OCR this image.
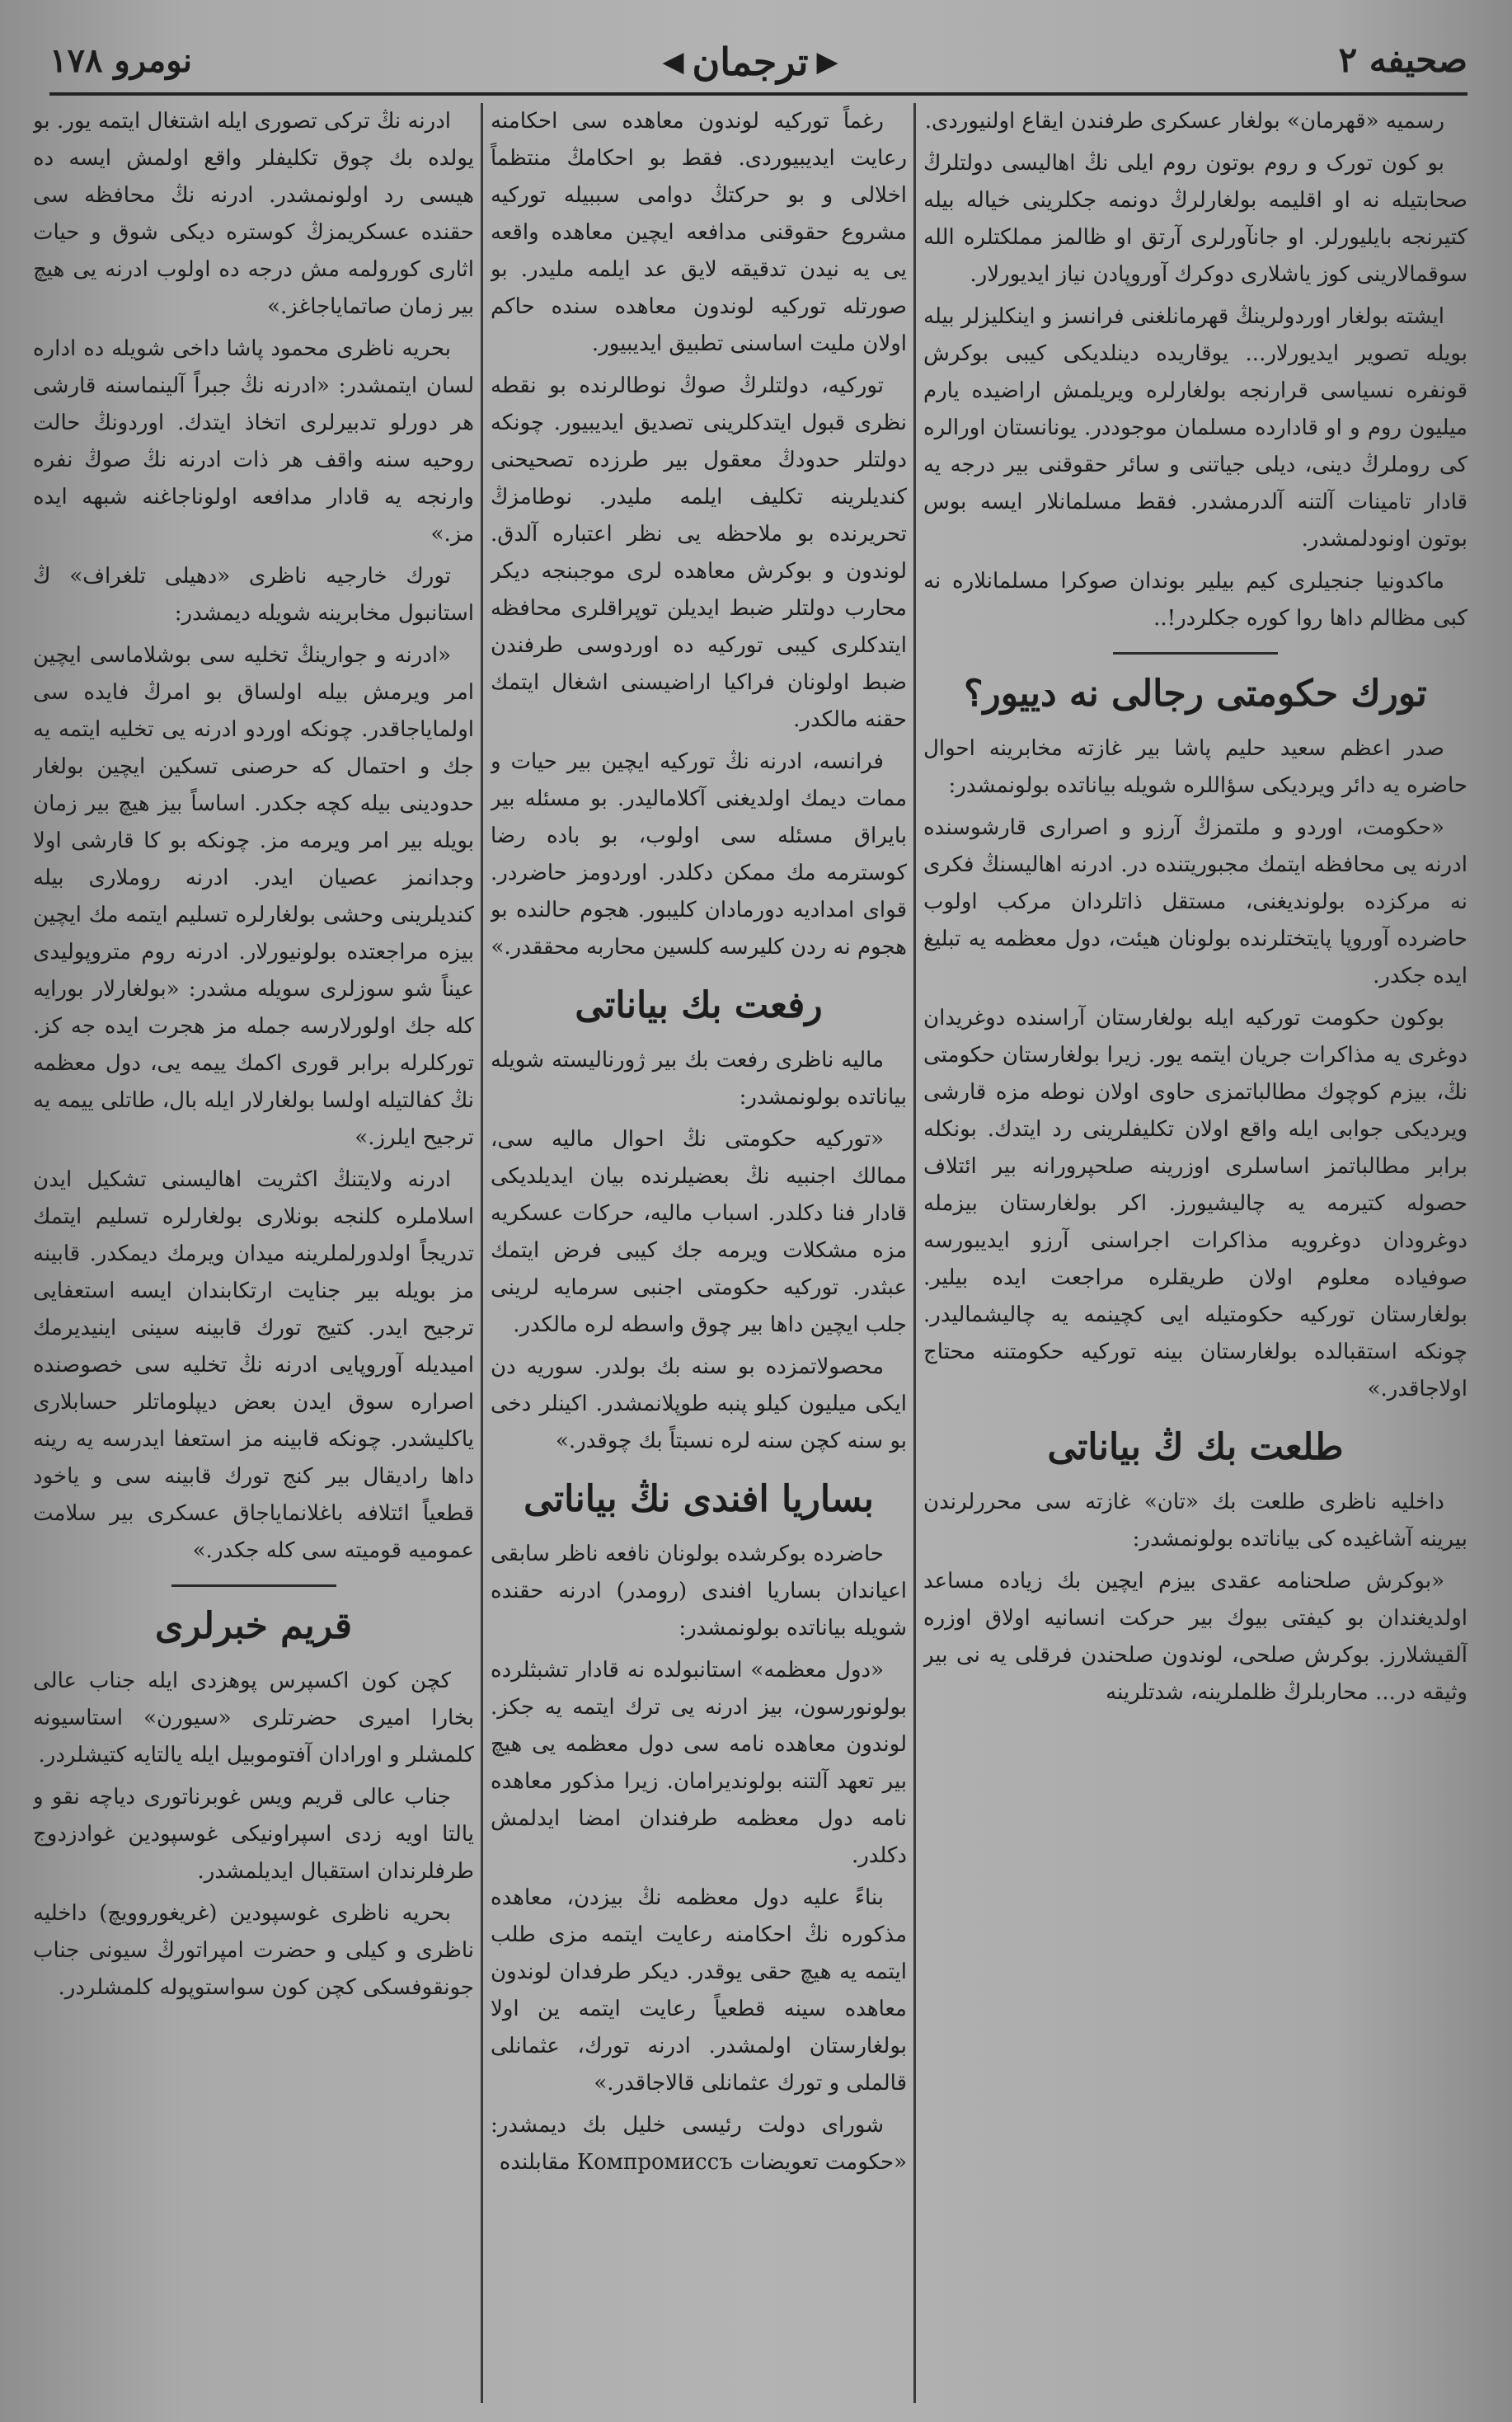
صحیفه ۲
◀ ترجمان ▶
نومرو ۱۷۸

رسمیه «قهرمان» بولغار عسکری طرفندن ایقاع اولنیوردی.

بو کون تورک و روم بوتون روم ایلی نڭ اهالیسی دولتلرڭ صحابتیله نه او اقلیمه بولغارلرڭ دونمه جکلرینی خیاله بیله کتیرنجه بایلیورلر. او جانآورلری آرتق او ظالمز مملکتلره الله سوقمالارینی کوز یاشلاری دوکرك آوروپادن نیاز ایدیورلار.

ایشته بولغار اوردولرینڭ قهرمانلغنی فرانسز و اینکلیزلر بیله بویله تصویر ایدیورلار... یوقاریده دینلدیکی کیبی بوکرش قونفره نسیاسی قرارنجه بولغارلره ویریلمش اراضیده یارم میلیون روم و او قادارده مسلمان موجوددر. یونانستان اورالره کی روملرڭ دینی، دیلی جیاتنی و سائر حقوقنی بیر درجه یه قادار تامینات آلتنه آلدرمشدر. فقط مسلمانلار ایسه بوس بوتون اونودلمشدر.

ماکدونیا جنجیلری کیم بیلیر بوندان صوکرا مسلمانلاره نه کبی مظالم داها روا کوره جکلردر!..

تورك حكومتی رجالی نه دییور؟

صدر اعظم سعید حلیم پاشا بیر غازته مخابرینه احوال حاضره یه دائر ویردیکی سؤاللره شویله بیاناتده بولونمشدر:

«حکومت، اوردو و ملتمزڭ آرزو و اصراری قارشوسنده ادرنه یی محافظه ایتمك مجبوریتنده در. ادرنه اهالیسنڭ فکری نه مرکزده بولوندیغنی، مستقل ذاتلردان مرکب اولوب حاضرده آوروپا پایتختلرنده بولونان هیئت، دول معظمه یه تبلیغ ایده جکدر.

بوکون حکومت تورکیه ایله بولغارستان آراسنده دوغریدان دوغری یه مذاکرات جریان ایتمه یور. زیرا بولغارستان حکومتی نڭ، بیزم کوچوك مطالباتمزی حاوی اولان نوطه مزه قارشی ویردیکی جوابی ایله واقع اولان تکلیفلرینی رد ایتدك. بونکله برابر مطالباتمز اساسلری اوزرینه صلحپرورانه بیر ائتلاف حصوله کتیرمه یه چالیشیورز. اکر بولغارستان بیزمله دوغرودان دوغرویه مذاکرات اجراسنی آرزو ایدیبورسه صوفیاده معلوم اولان طریقلره مراجعت ایده بیلیر. بولغارستان تورکیه حکومتیله ایی کچینمه یه چالیشمالیدر. چونکه استقبالده بولغارستان بینه تورکیه حکومتنه محتاج اولاجاقدر.»

طلعت بك ڭ بیاناتی

داخلیه ناظری طلعت بك «تان» غازته سی محررلرندن بیرینه آشاغیده کی بیاناتده بولونمشدر:

«بوکرش صلحنامه عقدی بیزم ایچین بك زیاده مساعد اولدیغندان بو کیفتی بیوك بیر حرکت انسانیه اولاق اوزره آلقیشلارز. بوکرش صلحی، لوندون صلحندن فرقلی یه نی بیر وثیقه در... محاربلرڭ ظلملرینه، شدتلرینه

رغماً تورکیه لوندون معاهده سی احکامنه رعایت ایدیبیوردی. فقط بو احکامڭ منتظماً اخلالی و بو حرکتڭ دوامی سببیله تورکیه مشروع حقوقنی مدافعه ایچین معاهده واقعه یی یه نیدن تدقیقه لایق عد ایلمه ملیدر. بو صورتله تورکیه لوندون معاهده سنده حاکم اولان ملیت اساسنی تطبیق ایدیبیور.

تورکیه، دولتلرڭ صوڭ نوطالرنده بو نقطه نظری قبول ایتدکلرینی تصدیق ایدیبیور. چونکه دولتلر حدودڭ معقول بیر طرزده تصحیحنی کندیلرینه تکلیف ایلمه ملیدر. نوطامزڭ تحریرنده بو ملاحظه یی نظر اعتباره آلدق. لوندون و بوکرش معاهده لری موجبنجه دیکر محارب دولتلر ضبط ایدیلن توپراقلری محافظه ایتدکلری کیبی تورکیه ده اوردوسی طرفندن ضبط اولونان فراکیا اراضیسنی اشغال ایتمك حقنه مالکدر.

فرانسه، ادرنه نڭ تورکیه ایچین بیر حیات و ممات دیمك اولدیغنی آکلامالیدر. بو مسئله بیر بایراق مسئله سی اولوب، بو باده رضا کوسترمه مك ممکن دکلدر. اوردومز حاضردر. قوای امدادیه دورمادان کلیبور. هجوم حالنده بو هجوم نه ردن کلیرسه کلسین محاربه محققدر.»

رفعت بك بیاناتی

مالیه ناظری رفعت بك بیر ژورنالیسته شویله بیاناتده بولونمشدر:

«تورکیه حکومتی نڭ احوال مالیه سی، ممالك اجنبیه نڭ بعضیلرنده بیان ایدیلدیکی قادار فنا دکلدر. اسباب مالیه، حرکات عسکریه مزه مشکلات ویرمه جك کیبی فرض ایتمك عبثدر. تورکیه حکومتی اجنبی سرمایه لرینی جلب ایچین داها بیر چوق واسطه لره مالکدر.

محصولاتمزده بو سنه بك بولدر. سوریه دن ایکی میلیون کیلو پنبه طوپلانمشدر. اکینلر دخی بو سنه کچن سنه لره نسبتاً بك چوقدر.»

بساریا افندی نڭ بیاناتی

حاضرده بوکرشده بولونان نافعه ناظر سابقی اعیاندان بساریا افندی (رومدر) ادرنه حقنده شویله بیاناتده بولونمشدر:

«دول معظمه» استانبولده نه قادار تشبثلرده بولونورسون، بیز ادرنه یی ترك ایتمه یه جکز. لوندون معاهده نامه سی دول معظمه یی هیچ بیر تعهد آلتنه بولوندیرامان. زیرا مذکور معاهده نامه دول معظمه طرفندان امضا ایدلمش دکلدر.

بناءً علیه دول معظمه نڭ بیزدن، معاهده مذکوره نڭ احکامنه رعایت ایتمه مزی طلب ایتمه یه هیچ حقی یوقدر. دیکر طرفدان لوندون معاهده سینه قطعیاً رعایت ایتمه ین اولا بولغارستان اولمشدر. ادرنه تورك، عثمانلی قالملی و تورك عثمانلی قالاجاقدر.»

شورای دولت رئیسی خلیل بك دیمشدر: «حکومت تعویضات Компромиссъ مقابلنده

ادرنه نڭ ترکی تصوری ایله اشتغال ایتمه یور. بو یولده بك چوق تکلیفلر واقع اولمش ایسه ده هیسی رد اولونمشدر. ادرنه نڭ محافظه سی حقنده عسکریمزڭ کوستره دیکی شوق و حیات اثاری کورولمه مش درجه ده اولوب ادرنه یی هیچ بیر زمان صاتمایاجاغز.»

بحریه ناظری محمود پاشا داخی شویله ده اداره لسان ایتمشدر: «ادرنه نڭ جبراً آلینماسنه قارشی هر دورلو تدبیرلری اتخاذ ایتدك. اوردونڭ حالت روحیه سنه واقف هر ذات ادرنه نڭ صوڭ نفره وارنجه یه قادار مدافعه اولوناجاغنه شبهه ایده مز.»

تورك خارجیه ناظری «دهیلی تلغراف» ڭ استانبول مخابرینه شویله دیمشدر:

«ادرنه و جوارینڭ تخلیه سی بوشلاماسی ایچین امر ویرمش بیله اولساق بو امرڭ فایده سی اولمایاجاقدر. چونکه اوردو ادرنه یی تخلیه ایتمه یه جك و احتمال که حرصنی تسکین ایچین بولغار حدودینی بیله کچه جکدر. اساساً بیز هیچ بیر زمان بویله بیر امر ویرمه مز. چونکه بو کا قارشی اولا وجدانمز عصیان ایدر. ادرنه روملاری بیله کندیلرینی وحشی بولغارلره تسلیم ایتمه مك ایچین بیزه مراجعتده بولونیورلار. ادرنه روم متروپولیدی عیناً شو سوزلری سویله مشدر: «بولغارلار بورایه کله جك اولورلارسه جمله مز هجرت ایده جه کز. تورکلرله برابر قوری اکمك ییمه یی، دول معظمه نڭ کفالتیله اولسا بولغارلار ایله بال، طاتلی ییمه یه ترجیح ایلرز.»

ادرنه ولایتنڭ اکثریت اهالیسنی تشکیل ایدن اسلاملره کلنجه بونلاری بولغارلره تسلیم ایتمك تدریجاً اولدورلملرینه میدان ویرمك دیمکدر. قابینه مز بویله بیر جنایت ارتکابندان ایسه استعفایی ترجیح ایدر. کتیج تورك قابینه سینی اینیدیرمك امیدیله آوروپایی ادرنه نڭ تخلیه سی خصوصنده اصراره سوق ایدن بعض دیپلوماتلر حسابلاری یاکلیشدر. چونکه قابینه مز استعفا ایدرسه یه رینه داها رادیقال بیر کنج تورك قابینه سی و یاخود قطعیاً ائتلافه باغلانمایاجاق عسکری بیر سلامت عمومیه قومیته سی کله جکدر.»

قریم خبرلری

کچن کون اکسپرس پوهزدی ایله جناب عالی بخارا امیری حضرتلری «سیورن» استاسیونه کلمشلر و اورادان آفتوموبیل ایله یالتایه کتیشلردر.

جناب عالی قریم ویس غوبرناتوری دیاچه نقو و یالتا اویه زدی اسپراونیکی غوسپودین غوادزدوج طرفلرندان استقبال ایدیلمشدر.

بحریه ناظری غوسپودین (غریغوروویچ) داخلیه ناظری و کیلی و حضرت امپراتورڭ سیونی جناب جونقوفسکی کچن کون سواستوپوله کلمشلردر.
